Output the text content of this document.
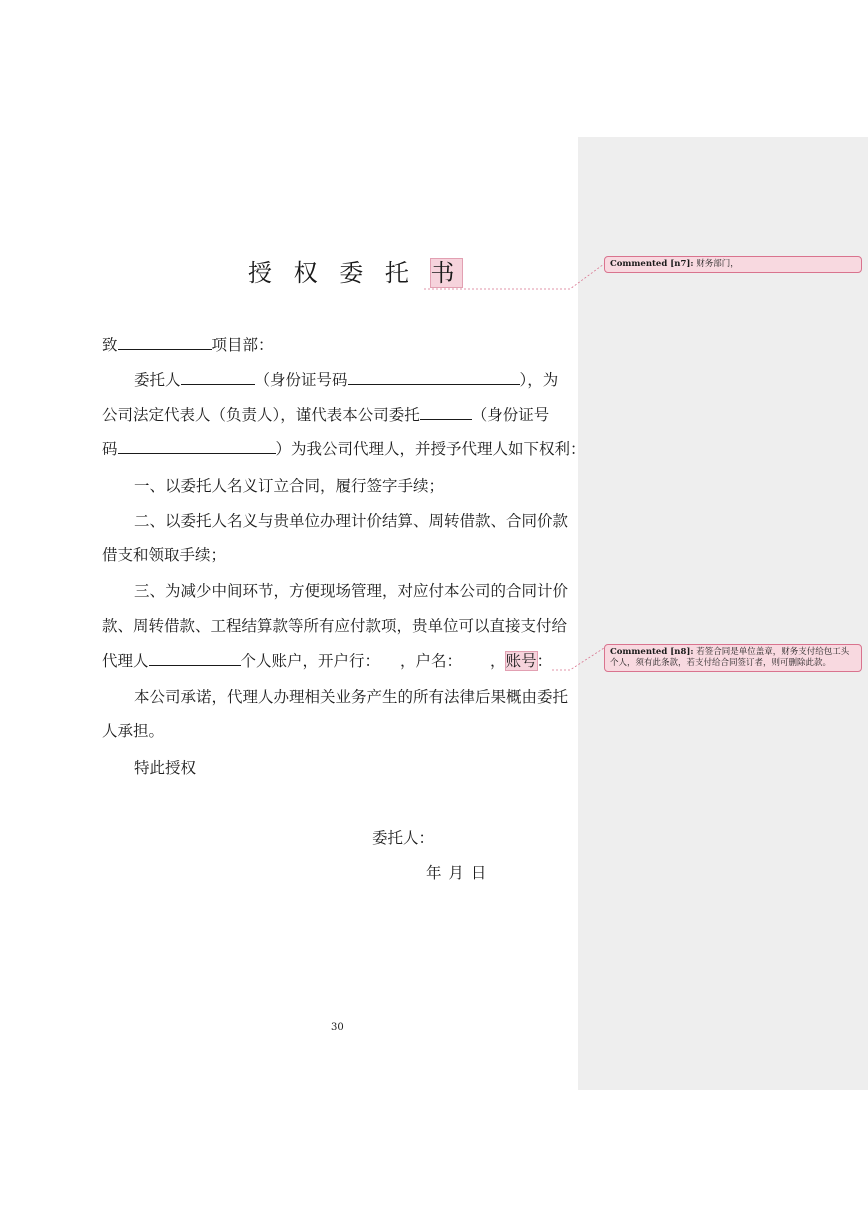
授 权 委 托 书
致	项目部：
委托人	（身份证号码	），为
公司法定代表人（负责人），谨代表本公司委托	（身份证号
码	）为我公司代理人，并授予代理人如下权利：
一、以委托人名义订立合同，履行签字手续；
二、以委托人名义与贵单位办理计价结算、周转借款、合同价款
借支和领取手续；
三、为减少中间环节，方便现场管理，对应付本公司的合同计价
款、周转借款、工程结算款等所有应付款项，贵单位可以直接支付给
代理人	个人账户，开户行： ，户名： ，账号：
本公司承诺，代理人办理相关业务产生的所有法律后果概由委托
人承担。
特此授权
委托人：
年 月 日
30
Commented [n7]: 财务部门，
Commented [n8]: 若签合同是单位盖章，财务支付给包工头个人，须有此条款，若支付给合同签订者，则可删除此款。
